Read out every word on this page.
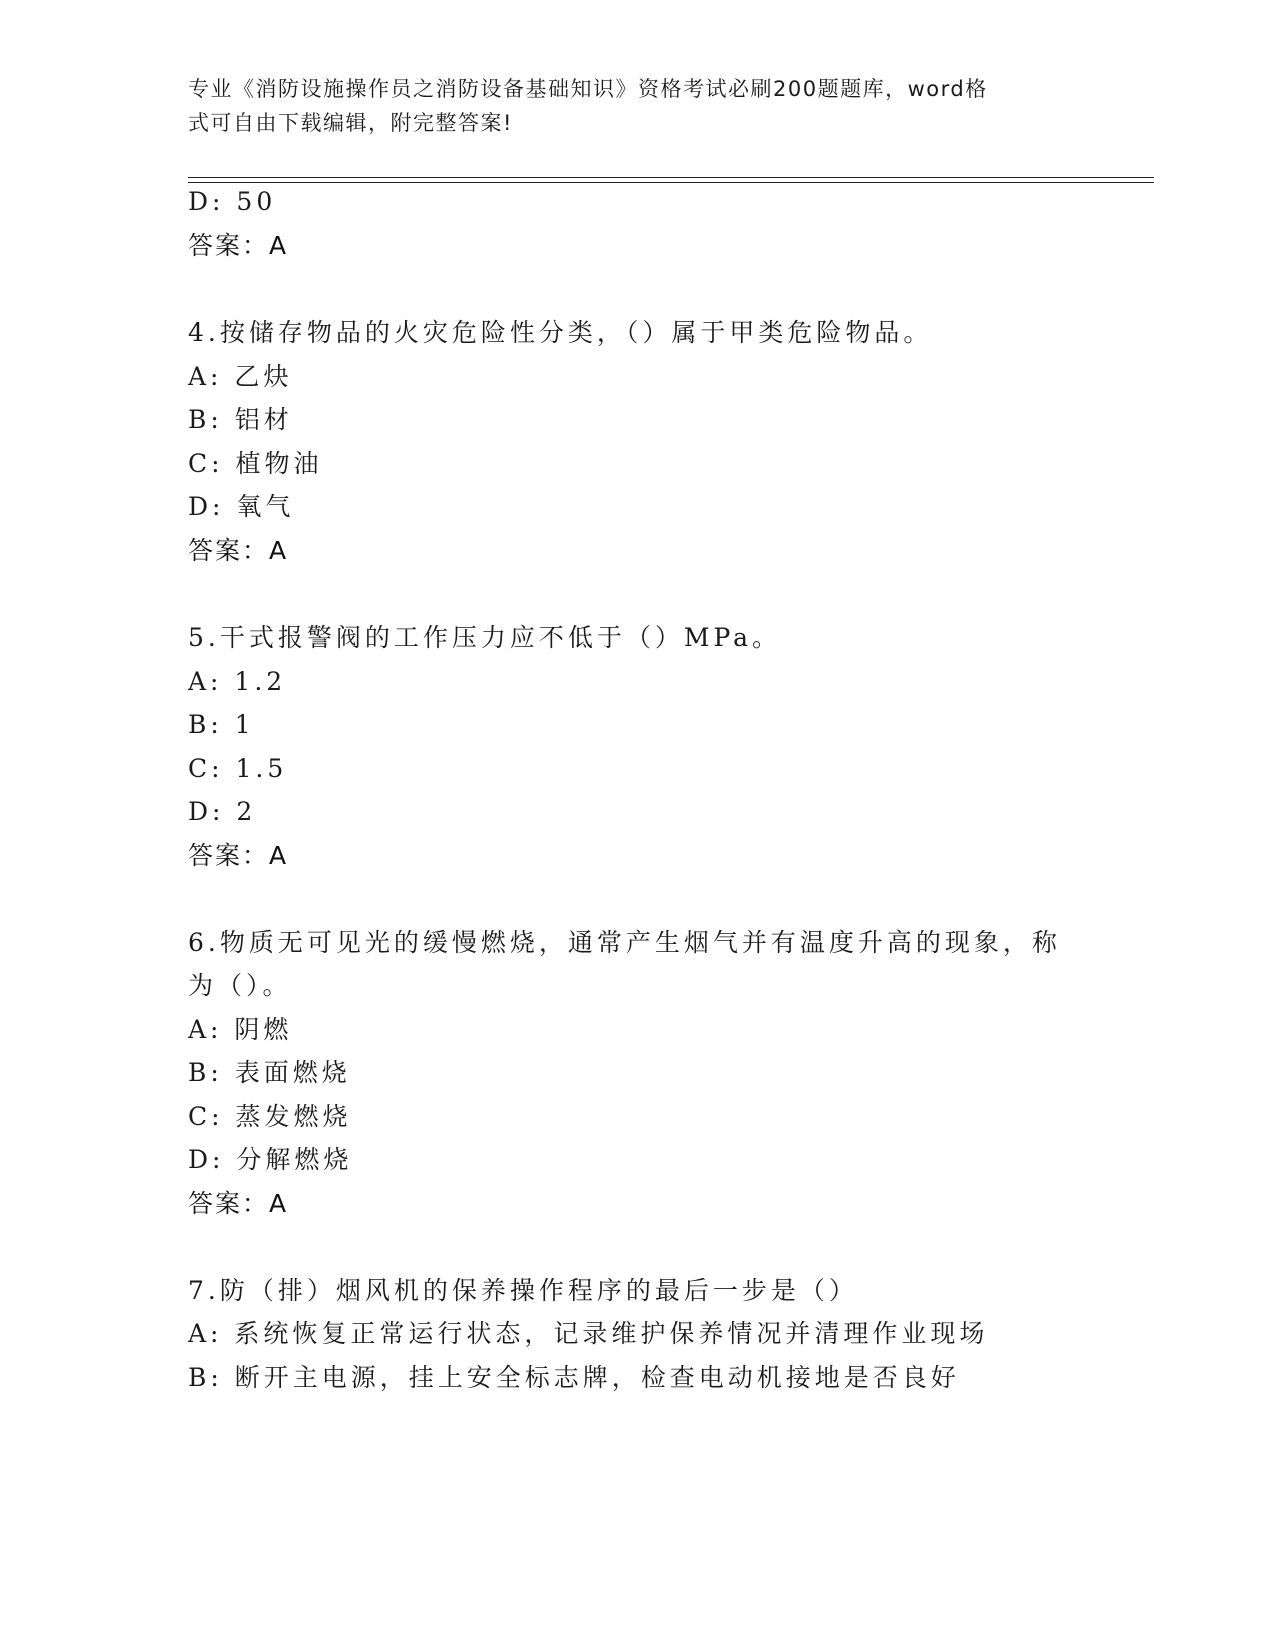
专业《消防设施操作员之消防设备基础知识》资格考试必刷200题题库，word格
式可自由下载编辑，附完整答案!
D: 50
答案：A
4.按储存物品的火灾危险性分类，（）属于甲类危险物品。
A: 乙炔
B: 铝材
C: 植物油
D: 氧气
答案：A
5.干式报警阀的工作压力应不低于（）MPa。
A: 1.2
B: 1
C: 1.5
D: 2
答案：A
6.物质无可见光的缓慢燃烧，通常产生烟气并有温度升高的现象，称
为（）。
A: 阴燃
B: 表面燃烧
C: 蒸发燃烧
D: 分解燃烧
答案：A
7.防（排）烟风机的保养操作程序的最后一步是（）
A: 系统恢复正常运行状态，记录维护保养情况并清理作业现场
B: 断开主电源，挂上安全标志牌，检查电动机接地是否良好
